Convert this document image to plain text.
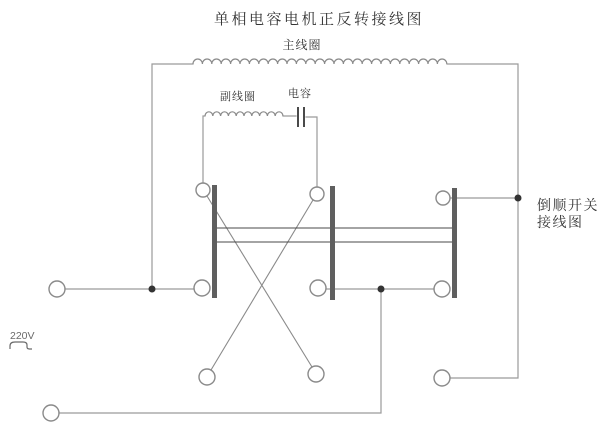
单相电容电机正反转接线图
主线圈
副线圈	电容
220V
倒顺开关
接线图
